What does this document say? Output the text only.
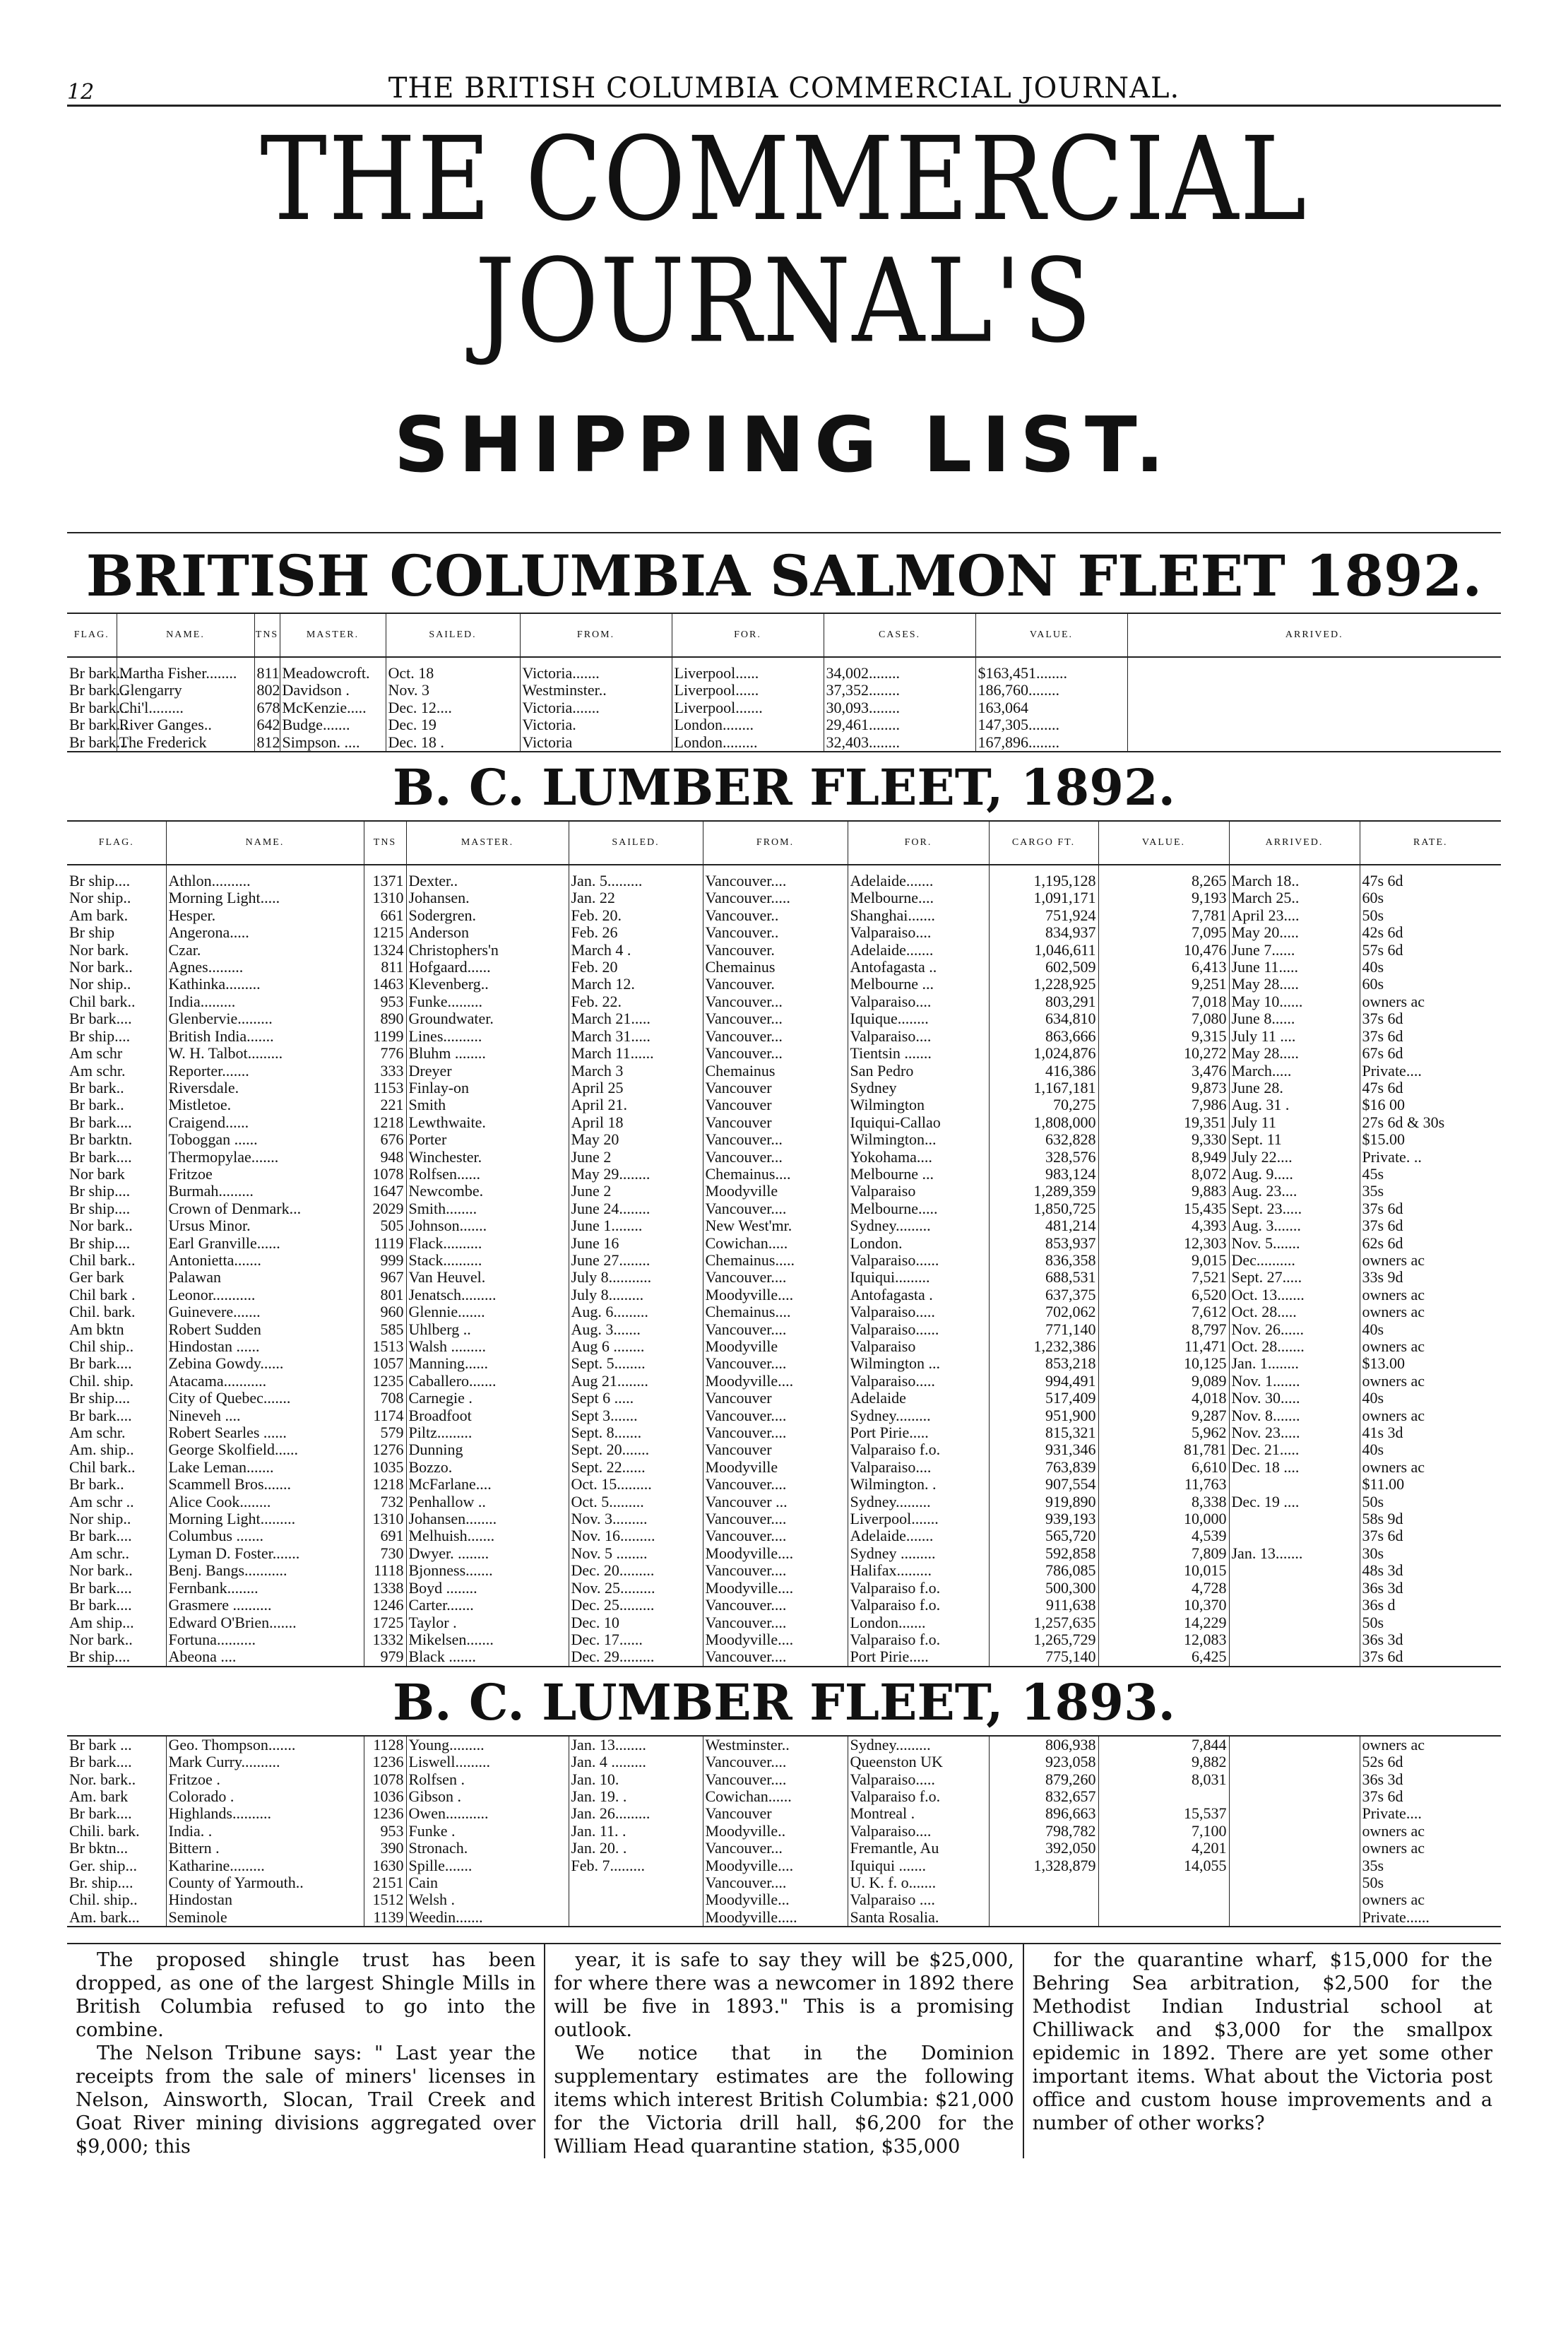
12	THE BRITISH COLUMBIA COMMERCIAL JOURNAL.
THE COMMERCIAL JOURNAL'S
SHIPPING LIST.
BRITISH COLUMBIA SALMON FLEET 1892.
FLAG.	NAME.	TNS	MASTER.	SAILED.	FROM.	FOR.	CASES.	VALUE.	ARRIVED.

Br bark...	Martha Fisher........	811	Meadowcroft.	Oct. 18	Victoria.......	Liverpool......	34,002........	$163,451........	
Br bark...	Glengarry	802	Davidson .	Nov. 3	Westminster..	Liverpool......	37,352........	186,760........	
Br bark...	Chi'l.........	678	McKenzie.....	Dec. 12....	Victoria.......	Liverpool.......	30,093........	163,064	
Br bark...	River Ganges..	642	Budge.......	Dec. 19	Victoria.	London........	29,461........	147,305........	
Br bark...	The Frederick	812	Simpson. ....	Dec. 18 .	Victoria	London.........	32,403........	167,896........	
B. C. LUMBER FLEET, 1892.
FLAG.	NAME.	TNS	MASTER.	SAILED.	FROM.	FOR.	CARGO FT.	VALUE.	ARRIVED.	RATE.

Br ship....	Athlon..........	1371	Dexter..	Jan. 5.........	Vancouver....	Adelaide.......	1,195,128	8,265	March 18..	47s 6d
Nor ship..	Morning Light.....	1310	Johansen.	Jan. 22	Vancouver.....	Melbourne....	1,091,171	9,193	March 25..	60s
Am bark.	Hesper.	661	Sodergren.	Feb. 20.	Vancouver..	Shanghai.......	751,924	7,781	April 23....	50s
Br ship	Angerona.....	1215	Anderson	Feb. 26	Vancouver..	Valparaiso....	834,937	7,095	May 20.....	42s 6d
Nor bark.	Czar.	1324	Christophers'n	March 4 .	Vancouver.	Adelaide.......	1,046,611	10,476	June 7......	57s 6d
Nor bark..	Agnes.........	811	Hofgaard......	Feb. 20	Chemainus	Antofagasta ..	602,509	6,413	June 11.....	40s
Nor ship..	Kathinka.........	1463	Klevenberg..	March 12.	Vancouver.	Melbourne ...	1,228,925	9,251	May 28.....	60s
Chil bark..	India.........	953	Funke.........	Feb. 22.	Vancouver...	Valparaiso....	803,291	7,018	May 10......	owners ac
Br bark....	Glenbervie.........	890	Groundwater.	March 21.....	Vancouver...	Iquique........	634,810	7,080	June 8......	37s 6d
Br ship....	British India.......	1199	Lines..........	March 31.....	Vancouver...	Valparaiso....	863,666	9,315	July 11 ....	37s 6d
Am schr	W. H. Talbot.........	776	Bluhm ........	March 11......	Vancouver...	Tientsin .......	1,024,876	10,272	May 28.....	67s 6d
Am schr.	Reporter.......	333	Dreyer	March 3	Chemainus	San Pedro	416,386	3,476	March.....	Private....
Br bark..	Riversdale.	1153	Finlay-on	April 25	Vancouver	Sydney	1,167,181	9,873	June 28.	47s 6d
Br bark..	Mistletoe.	221	Smith	April 21.	Vancouver	Wilmington	70,275	7,986	Aug. 31 .	$16 00
Br bark....	Craigend......	1218	Lewthwaite.	April 18	Vancouver	Iquiqui-Callao	1,808,000	19,351	July 11	27s 6d & 30s
Br barktn.	Toboggan ......	676	Porter	May 20	Vancouver...	Wilmington...	632,828	9,330	Sept. 11	$15.00
Br bark....	Thermopylae.......	948	Winchester.	June 2	Vancouver...	Yokohama....	328,576	8,949	July 22....	Private. ..
Nor bark	Fritzoe	1078	Rolfsen......	May 29........	Chemainus....	Melbourne ...	983,124	8,072	Aug. 9.....	45s
Br ship....	Burmah.........	1647	Newcombe.	June 2	Moodyville	Valparaiso	1,289,359	9,883	Aug. 23....	35s
Br ship....	Crown of Denmark...	2029	Smith........	June 24........	Vancouver....	Melbourne.....	1,850,725	15,435	Sept. 23.....	37s 6d
Nor bark..	Ursus Minor.	505	Johnson.......	June 1........	New West'mr.	Sydney.........	481,214	4,393	Aug. 3.......	37s 6d
Br ship....	Earl Granville......	1119	Flack..........	June 16	Cowichan.....	London.	853,937	12,303	Nov. 5.......	62s 6d
Chil bark..	Antonietta.......	999	Stack..........	June 27........	Chemainus.....	Valparaiso......	836,358	9,015	Dec..........	owners ac
Ger bark	Palawan	967	Van Heuvel.	July 8...........	Vancouver....	Iquiqui.........	688,531	7,521	Sept. 27.....	33s 9d
Chil bark .	Leonor...........	801	Jenatsch.........	July 8.........	Moodyville....	Antofagasta .	637,375	6,520	Oct. 13.......	owners ac
Chil. bark.	Guinevere.......	960	Glennie.......	Aug. 6.........	Chemainus....	Valparaiso.....	702,062	7,612	Oct. 28.....	owners ac
Am bktn	Robert Sudden	585	Uhlberg ..	Aug. 3.......	Vancouver....	Valparaiso......	771,140	8,797	Nov. 26......	40s
Chil ship..	Hindostan ......	1513	Walsh .........	Aug 6 ........	Moodyville	Valparaiso	1,232,386	11,471	Oct. 28.......	owners ac
Br bark....	Zebina Gowdy......	1057	Manning......	Sept. 5........	Vancouver....	Wilmington ...	853,218	10,125	Jan. 1........	$13.00
Chil. ship.	Atacama...........	1235	Caballero.......	Aug 21........	Moodyville....	Valparaiso.....	994,491	9,089	Nov. 1.......	owners ac
Br ship....	City of Quebec.......	708	Carnegie .	Sept 6 .....	Vancouver	Adelaide	517,409	4,018	Nov. 30.....	40s
Br bark....	Nineveh ....	1174	Broadfoot	Sept 3.......	Vancouver....	Sydney.........	951,900	9,287	Nov. 8.......	owners ac
Am schr.	Robert Searles ......	579	Piltz.........	Sept. 8.......	Vancouver....	Port Pirie.....	815,321	5,962	Nov. 23.....	41s 3d
Am. ship..	George Skolfield......	1276	Dunning	Sept. 20.......	Vancouver	Valparaiso f.o.	931,346	81,781	Dec. 21.....	40s
Chil bark..	Lake Leman.......	1035	Bozzo.	Sept. 22......	Moodyville	Valparaiso....	763,839	6,610	Dec. 18 ....	owners ac
Br bark..	Scammell Bros.......	1218	McFarlane....	Oct. 15.........	Vancouver....	Wilmington. .	907,554	11,763		$11.00
Am schr ..	Alice Cook........	732	Penhallow ..	Oct. 5.........	Vancouver ...	Sydney.........	919,890	8,338	Dec. 19 ....	50s
Nor ship..	Morning Light.........	1310	Johansen........	Nov. 3.........	Vancouver....	Liverpool.......	939,193	10,000		58s 9d
Br bark....	Columbus .......	691	Melhuish.......	Nov. 16.........	Vancouver....	Adelaide.......	565,720	4,539		37s 6d
Am schr..	Lyman D. Foster.......	730	Dwyer. ........	Nov. 5 ........	Moodyville....	Sydney .........	592,858	7,809	Jan. 13.......	30s
Nor bark..	Benj. Bangs...........	1118	Bjonness.......	Dec. 20.........	Vancouver....	Halifax.........	786,085	10,015		48s 3d
Br bark....	Fernbank........	1338	Boyd ........	Nov. 25.........	Moodyville....	Valparaiso f.o.	500,300	4,728		36s 3d
Br bark....	Grasmere ..........	1246	Carter.......	Dec. 25.........	Vancouver....	Valparaiso f.o.	911,638	10,370		36s d
Am ship...	Edward O'Brien.......	1725	Taylor .	Dec. 10	Vancouver....	London.......	1,257,635	14,229		50s
Nor bark..	Fortuna..........	1332	Mikelsen.......	Dec. 17......	Moodyville....	Valparaiso f.o.	1,265,729	12,083		36s 3d
Br ship....	Abeona ....	979	Black .......	Dec. 29.........	Vancouver....	Port Pirie.....	775,140	6,425		37s 6d
B. C. LUMBER FLEET, 1893.
Br bark ...	Geo. Thompson.......	1128	Young.........	Jan. 13........	Westminster..	Sydney.........	806,938	7,844		owners ac
Br bark....	Mark Curry..........	1236	Liswell.........	Jan. 4 .........	Vancouver....	Queenston UK	923,058	9,882		52s 6d
Nor. bark..	Fritzoe .	1078	Rolfsen .	Jan. 10.	Vancouver....	Valparaiso.....	879,260	8,031		36s 3d
Am. bark	Colorado .	1036	Gibson .	Jan. 19. .	Cowichan......	Valparaiso f.o.	832,657			37s 6d
Br bark....	Highlands..........	1236	Owen...........	Jan. 26.........	Vancouver	Montreal .	896,663	15,537		Private....
Chili. bark.	India. .	953	Funke .	Jan. 11. .	Moodyville..	Valparaiso....	798,782	7,100		owners ac
Br bktn...	Bittern .	390	Stronach.	Jan. 20. .	Vancouver...	Fremantle, Au	392,050	4,201		owners ac
Ger. ship...	Katharine.........	1630	Spille.......	Feb. 7.........	Moodyville....	Iquiqui .......	1,328,879	14,055		35s
Br. ship....	County of Yarmouth..	2151	Cain		Vancouver....	U. K. f. o.......				50s
Chil. ship..	Hindostan	1512	Welsh .		Moodyville...	Valparaiso ....				owners ac
Am. bark...	Seminole	1139	Weedin.......		Moodyville.....	Santa Rosalia.				Private......

The proposed shingle trust has been dropped, as one of the largest Shingle Mills in British Columbia refused to go into the combine.

The Nelson Tribune says: " Last year the receipts from the sale of miners' licenses in Nelson, Ainsworth, Slocan, Trail Creek and Goat River mining divisions aggregated over $9,000; this

year, it is safe to say they will be $25,000, for where there was a newcomer in 1892 there will be five in 1893." This is a promising outlook.

We notice that in the Dominion supplementary estimates are the following items which interest British Columbia: $21,000 for the Victoria drill hall, $6,200 for the William Head quarantine station, $35,000

for the quarantine wharf, $15,000 for the Behring Sea arbitration, $2,500 for the Methodist Indian Industrial school at Chilliwack and $3,000 for the smallpox epidemic in 1892. There are yet some other important items. What about the Victoria post office and custom house improvements and a number of other works?
